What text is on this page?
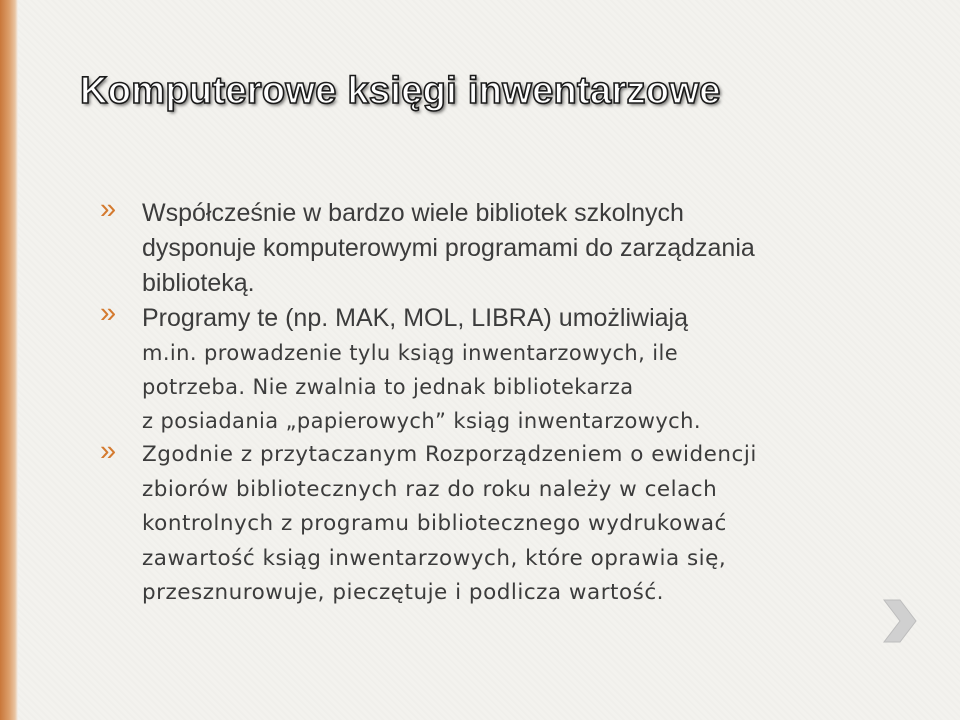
Komputerowe księgi inwentarzowe
» Współcześnie w bardzo wiele bibliotek szkolnych
dysponuje komputerowymi programami do zarządzania
biblioteką.
» Programy te (np. MAK, MOL, LIBRA) umożliwiają
m.in. prowadzenie tylu ksiąg inwentarzowych, ile
potrzeba. Nie zwalnia to jednak bibliotekarza
z posiadania „papierowych” ksiąg inwentarzowych.
» Zgodnie z przytaczanym Rozporządzeniem o ewidencji
zbiorów bibliotecznych raz do roku należy w celach
kontrolnych z programu bibliotecznego wydrukować
zawartość ksiąg inwentarzowych, które oprawia się,
przesznurowuje, pieczętuje i podlicza wartość.
